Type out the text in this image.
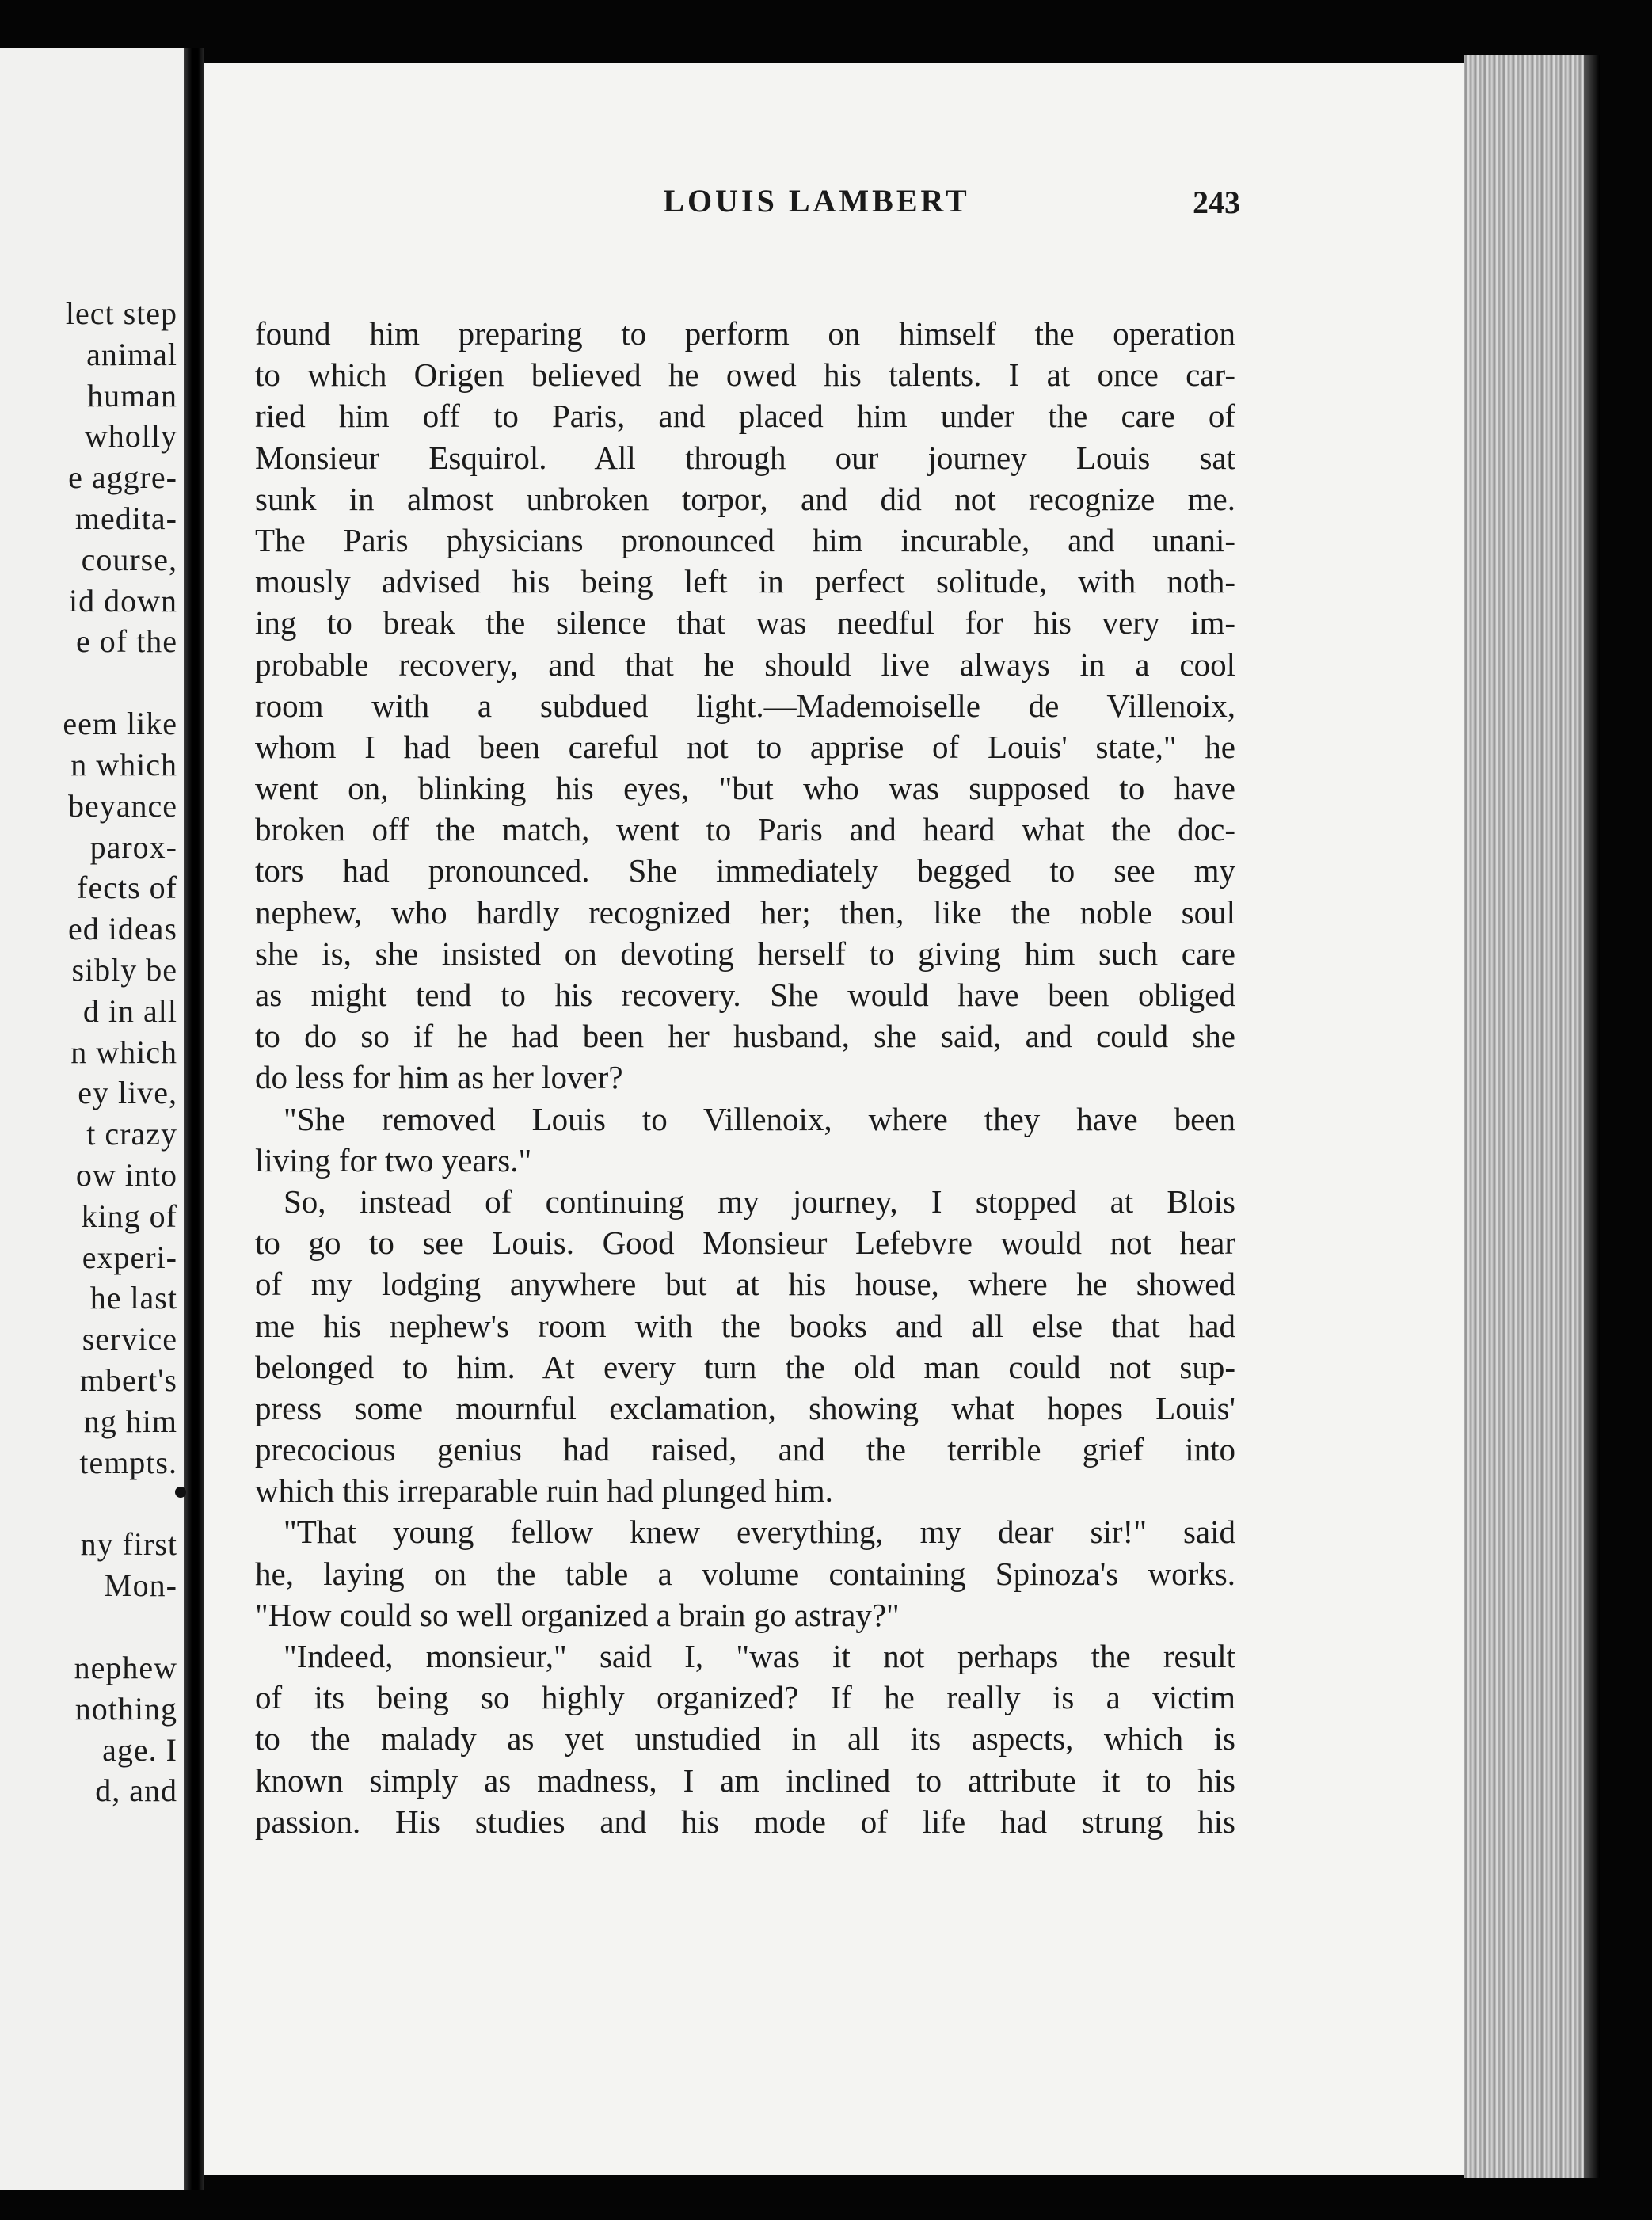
lect step
animal
human
wholly
e aggre-
medita-
course,
id down
e of the
eem like
n which
beyance
parox-
fects of
ed ideas
sibly be
d in all
n which
ey live,
t crazy
ow into
king of
experi-
he last
service
mbert's
ng him
tempts.
ny first
Mon-
nephew
nothing
age. I
d, and
LOUIS LAMBERT	243
found him preparing to perform on himself the operation
to which Origen believed he owed his talents. I at once car-
ried him off to Paris, and placed him under the care of
Monsieur Esquirol. All through our journey Louis sat
sunk in almost unbroken torpor, and did not recognize me.
The Paris physicians pronounced him incurable, and unani-
mously advised his being left in perfect solitude, with noth-
ing to break the silence that was needful for his very im-
probable recovery, and that he should live always in a cool
room with a subdued light.—Mademoiselle de Villenoix,
whom I had been careful not to apprise of Louis' state," he
went on, blinking his eyes, "but who was supposed to have
broken off the match, went to Paris and heard what the doc-
tors had pronounced. She immediately begged to see my
nephew, who hardly recognized her; then, like the noble soul
she is, she insisted on devoting herself to giving him such care
as might tend to his recovery. She would have been obliged
to do so if he had been her husband, she said, and could she
do less for him as her lover?
"She removed Louis to Villenoix, where they have been
living for two years."
So, instead of continuing my journey, I stopped at Blois
to go to see Louis. Good Monsieur Lefebvre would not hear
of my lodging anywhere but at his house, where he showed
me his nephew's room with the books and all else that had
belonged to him. At every turn the old man could not sup-
press some mournful exclamation, showing what hopes Louis'
precocious genius had raised, and the terrible grief into
which this irreparable ruin had plunged him.
"That young fellow knew everything, my dear sir!" said
he, laying on the table a volume containing Spinoza's works.
"How could so well organized a brain go astray?"
"Indeed, monsieur," said I, "was it not perhaps the result
of its being so highly organized? If he really is a victim
to the malady as yet unstudied in all its aspects, which is
known simply as madness, I am inclined to attribute it to his
passion. His studies and his mode of life had strung his
